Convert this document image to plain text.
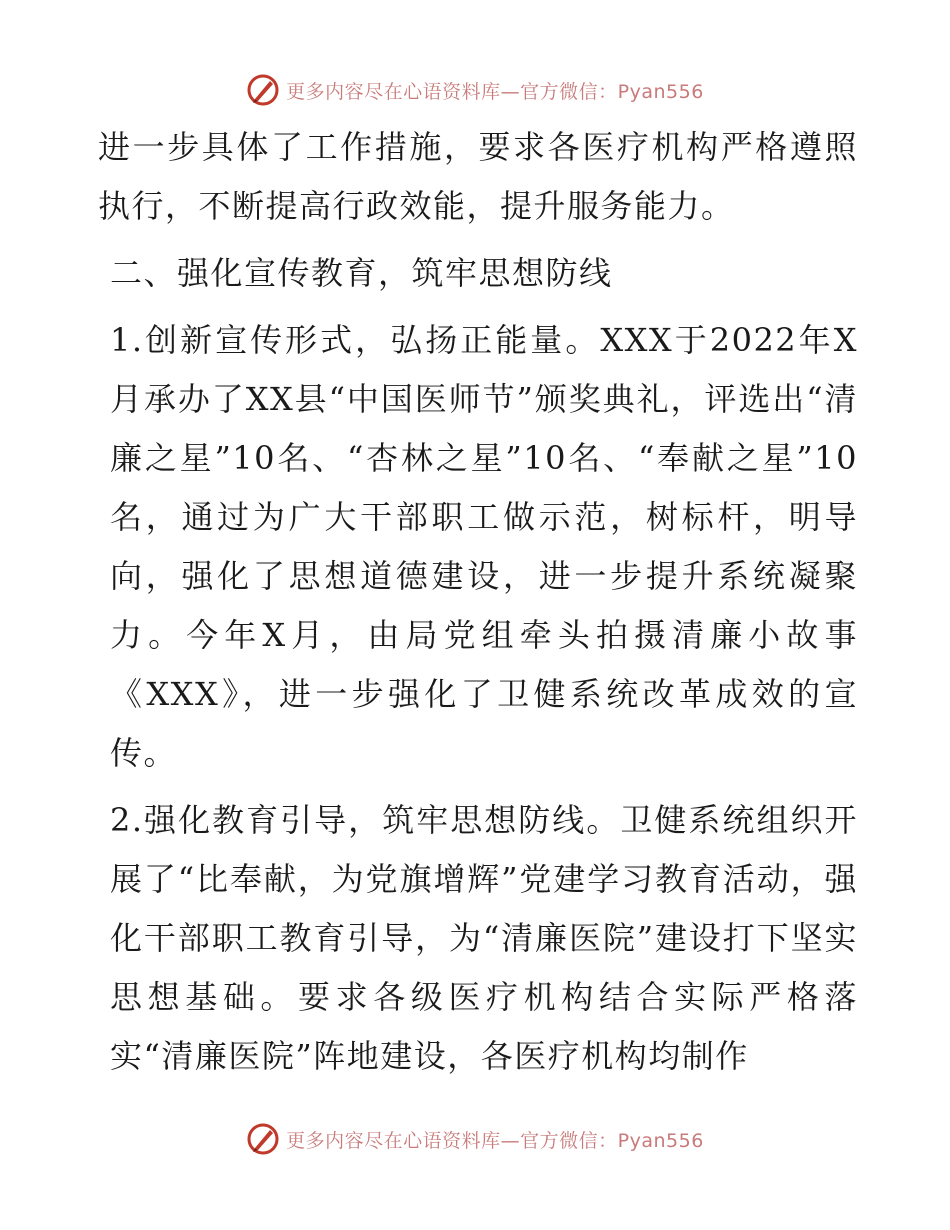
更多内容尽在心语资料库—官方微信：Pyan556

进一步具体了工作措施，要求各医疗机构严格遵照执行，不断提高行政效能，提升服务能力。

二、强化宣传教育，筑牢思想防线

1.创新宣传形式，弘扬正能量。XXX于2022年X月承办了XX县“中国医师节”颁奖典礼，评选出“清廉之星”10名、“杏林之星”10名、“奉献之星”10名，通过为广大干部职工做示范，树标杆，明导向，强化了思想道德建设，进一步提升系统凝聚力。今年X月，由局党组牵头拍摄清廉小故事《XXX》，进一步强化了卫健系统改革成效的宣传。

2.强化教育引导，筑牢思想防线。卫健系统组织开展了“比奉献，为党旗增辉”党建学习教育活动，强化干部职工教育引导，为“清廉医院”建设打下坚实思想基础。要求各级医疗机构结合实际严格落实“清廉医院”阵地建设，各医疗机构均制作

更多内容尽在心语资料库—官方微信：Pyan556
